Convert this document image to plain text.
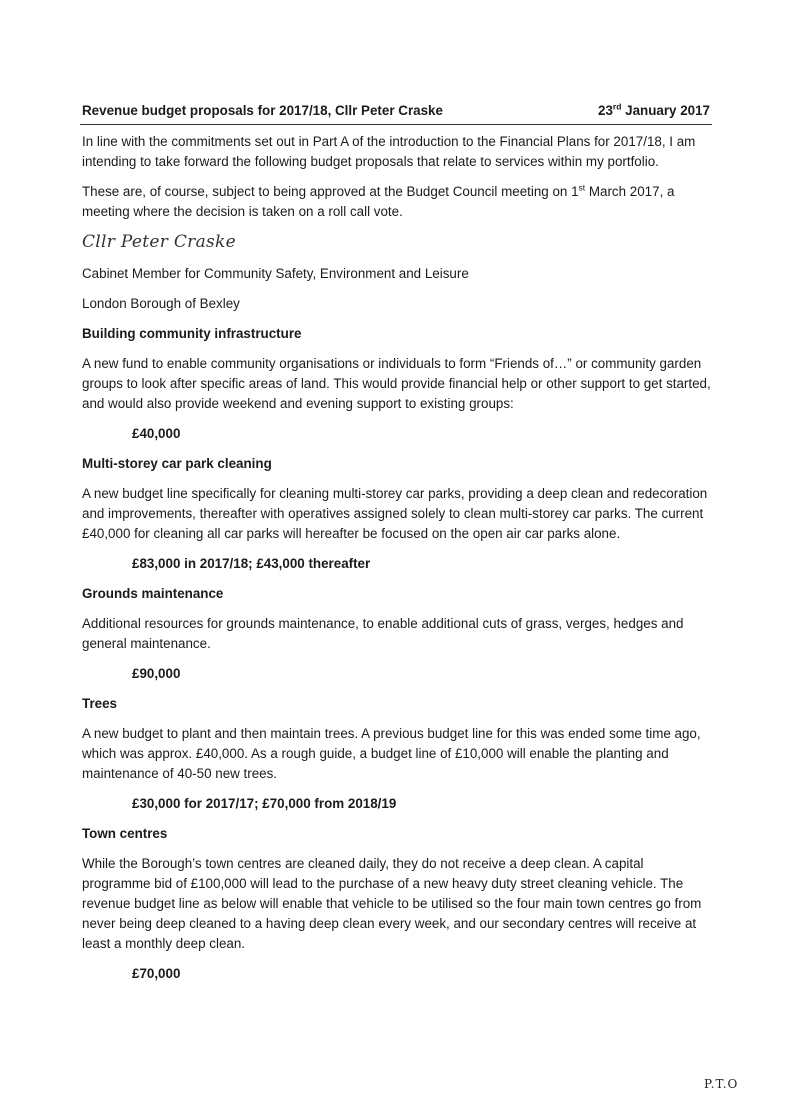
Revenue budget proposals for 2017/18, Cllr Peter Craske	23rd January 2017

In line with the commitments set out in Part A of the introduction to the Financial Plans for 2017/18, I am intending to take forward the following budget proposals that relate to services within my portfolio.

These are, of course, subject to being approved at the Budget Council meeting on 1st March 2017, a meeting where the decision is taken on a roll call vote.

Cllr Peter Craske

Cabinet Member for Community Safety, Environment and Leisure

London Borough of Bexley

Building community infrastructure

A new fund to enable community organisations or individuals to form “Friends of…” or community garden groups to look after specific areas of land. This would provide financial help or other support to get started, and would also provide weekend and evening support to existing groups:

£40,000

Multi-storey car park cleaning

A new budget line specifically for cleaning multi-storey car parks, providing a deep clean and redecoration and improvements, thereafter with operatives assigned solely to clean multi-storey car parks. The current £40,000 for cleaning all car parks will hereafter be focused on the open air car parks alone.

£83,000 in 2017/18; £43,000 thereafter

Grounds maintenance

Additional resources for grounds maintenance, to enable additional cuts of grass, verges, hedges and general maintenance.

£90,000

Trees

A new budget to plant and then maintain trees. A previous budget line for this was ended some time ago, which was approx. £40,000. As a rough guide, a budget line of £10,000 will enable the planting and maintenance of 40-50 new trees.

£30,000 for 2017/17; £70,000 from 2018/19

Town centres

While the Borough’s town centres are cleaned daily, they do not receive a deep clean. A capital programme bid of £100,000 will lead to the purchase of a new heavy duty street cleaning vehicle. The revenue budget line as below will enable that vehicle to be utilised so the four main town centres go from never being deep cleaned to a having deep clean every week, and our secondary centres will receive at least a monthly deep clean.

£70,000

P.T.O
